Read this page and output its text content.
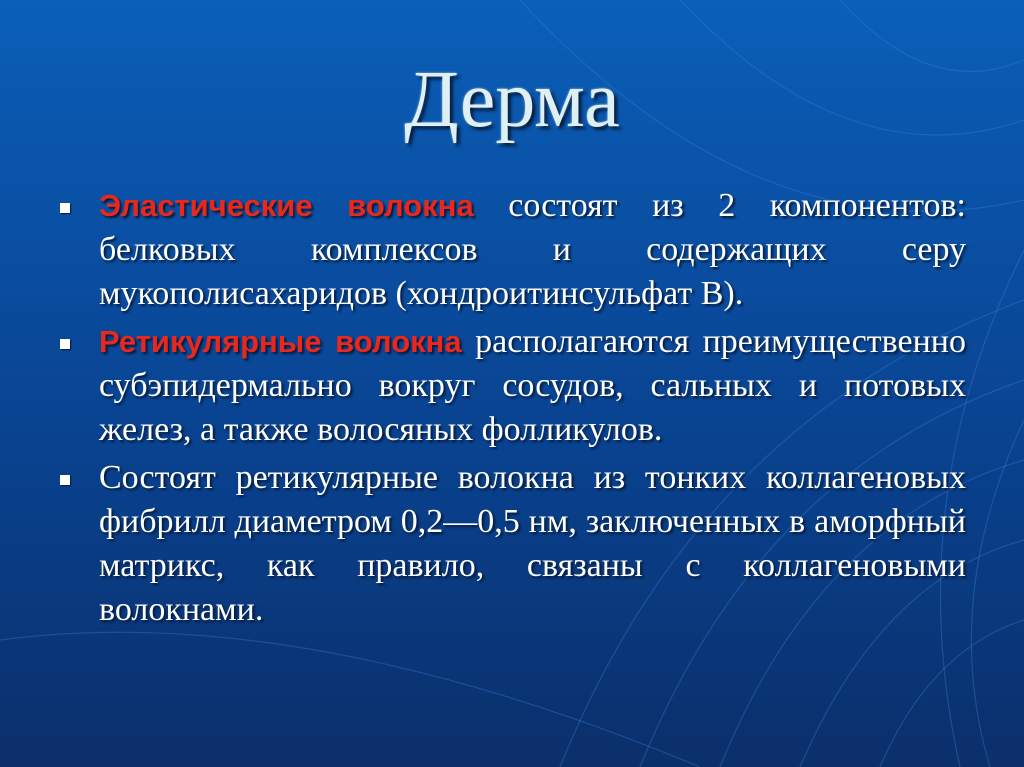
Дерма
Эластические волокна состоят из 2 компонентов: белковых комплексов и содержащих серу мукополисахаридов (хондроитинсульфат В).
Ретикулярные волокна располагаются преимущественно субэпидермально вокруг сосудов, сальных и потовых желез, а также волосяных фолликулов.
Состоят ретикулярные волокна из тонких коллагеновых фибрилл диаметром 0,2—0,5 нм, заключенных в аморфный матрикс, как правило, связаны с коллагеновыми волокнами.
